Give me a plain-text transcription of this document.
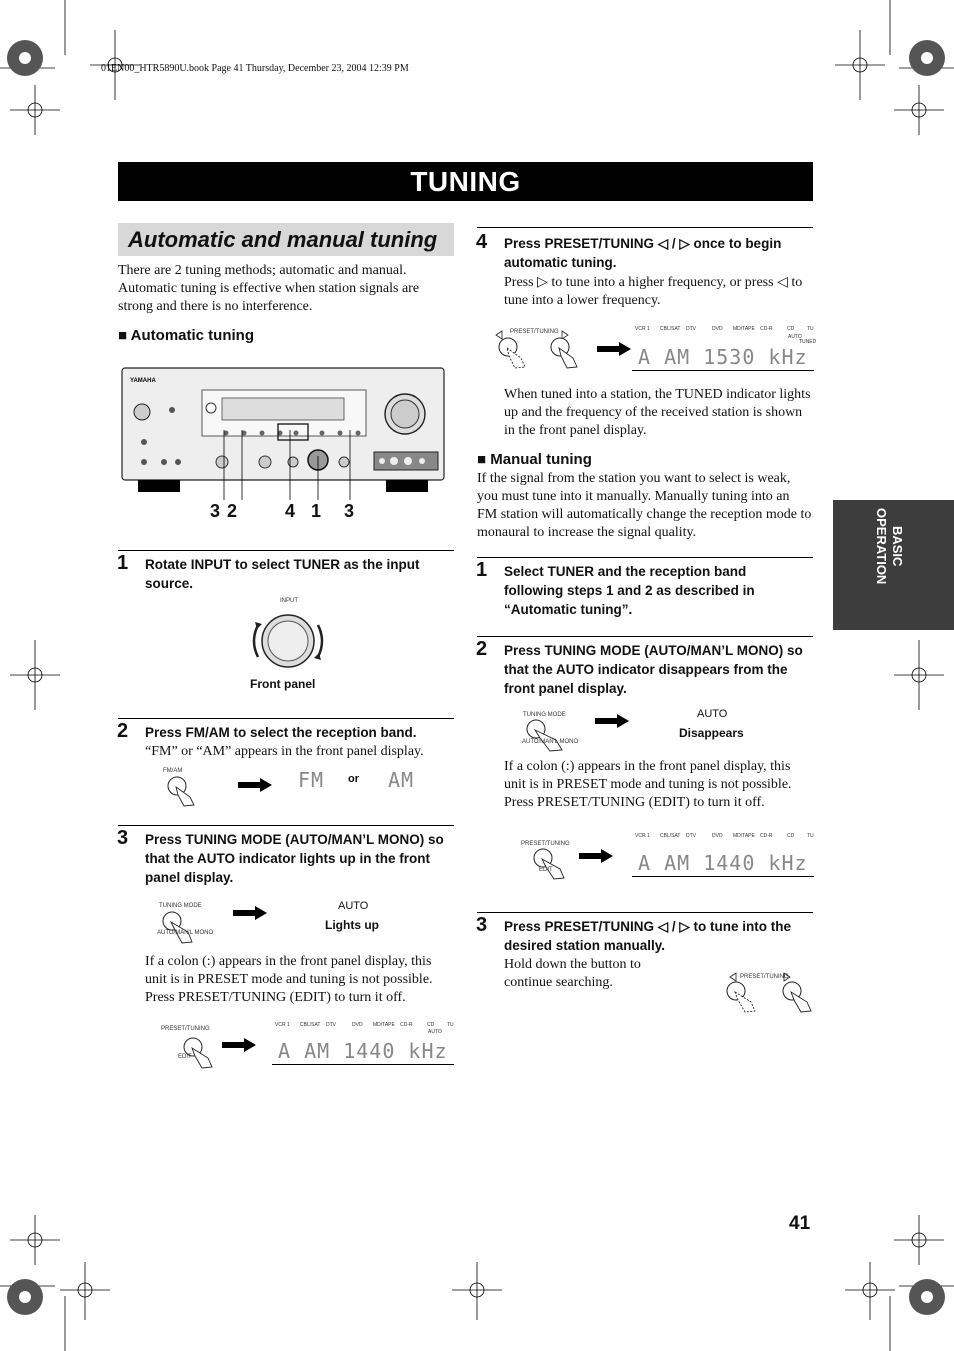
01EN00_HTR5890U.book Page 41 Thursday, December 23, 2004 12:39 PM
TUNING
Automatic and manual tuning
There are 2 tuning methods; automatic and manual. Automatic tuning is effective when station signals are strong and there is no interference.
■ Automatic tuning
YAMAHA
3 2	4 1 3
1 Rotate INPUT to select TUNER as the input source.
INPUT
Front panel
2 Press FM/AM to select the reception band.
“FM” or “AM” appears in the front panel display.
FM/AM	FM or AM
3 Press TUNING MODE (AUTO/MAN’L MONO) so that the AUTO indicator lights up in the front panel display.
TUNING MODE
AUTO/MAN'L MONO
AUTO
Lights up
If a colon (:) appears in the front panel display, this unit is in PRESET mode and tuning is not possible. Press PRESET/TUNING (EDIT) to turn it off.
PRESET/TUNING
EDIT
VCR 1 CBL/SAT DTV	DVD MD/TAPE CD-R	CD	TU
AUTO
A AM 1440 kHz
4 Press PRESET/TUNING ◁ / ▷ once to begin automatic tuning.
Press ▷ to tune into a higher frequency, or press ◁ to tune into a lower frequency.
PRESET/TUNING	VCR 1 CBL/SAT DTV	DVD MD/TAPE CD-R	CD	TU
AUTO
TUNED
A AM 1530 kHz
When tuned into a station, the TUNED indicator lights up and the frequency of the received station is shown in the front panel display.
■ Manual tuning
If the signal from the station you want to select is weak, you must tune into it manually. Manually tuning into an FM station will automatically change the reception mode to monaural to increase the signal quality.
1 Select TUNER and the reception band following steps 1 and 2 as described in “Automatic tuning”.
2 Press TUNING MODE (AUTO/MAN’L MONO) so that the AUTO indicator disappears from the front panel display.
TUNING MODE
AUTO/MAN'L MONO
AUTO
Disappears
If a colon (:) appears in the front panel display, this unit is in PRESET mode and tuning is not possible. Press PRESET/TUNING (EDIT) to turn it off.
PRESET/TUNING
EDIT
VCR 1 CBL/SAT DTV	DVD MD/TAPE CD-R	CD	TU
A AM 1440 kHz
3 Press PRESET/TUNING ◁ / ▷ to tune into the desired station manually.
Hold down the button to continue searching.	PRESET/TUNING
BASIC
OPERATION
41
